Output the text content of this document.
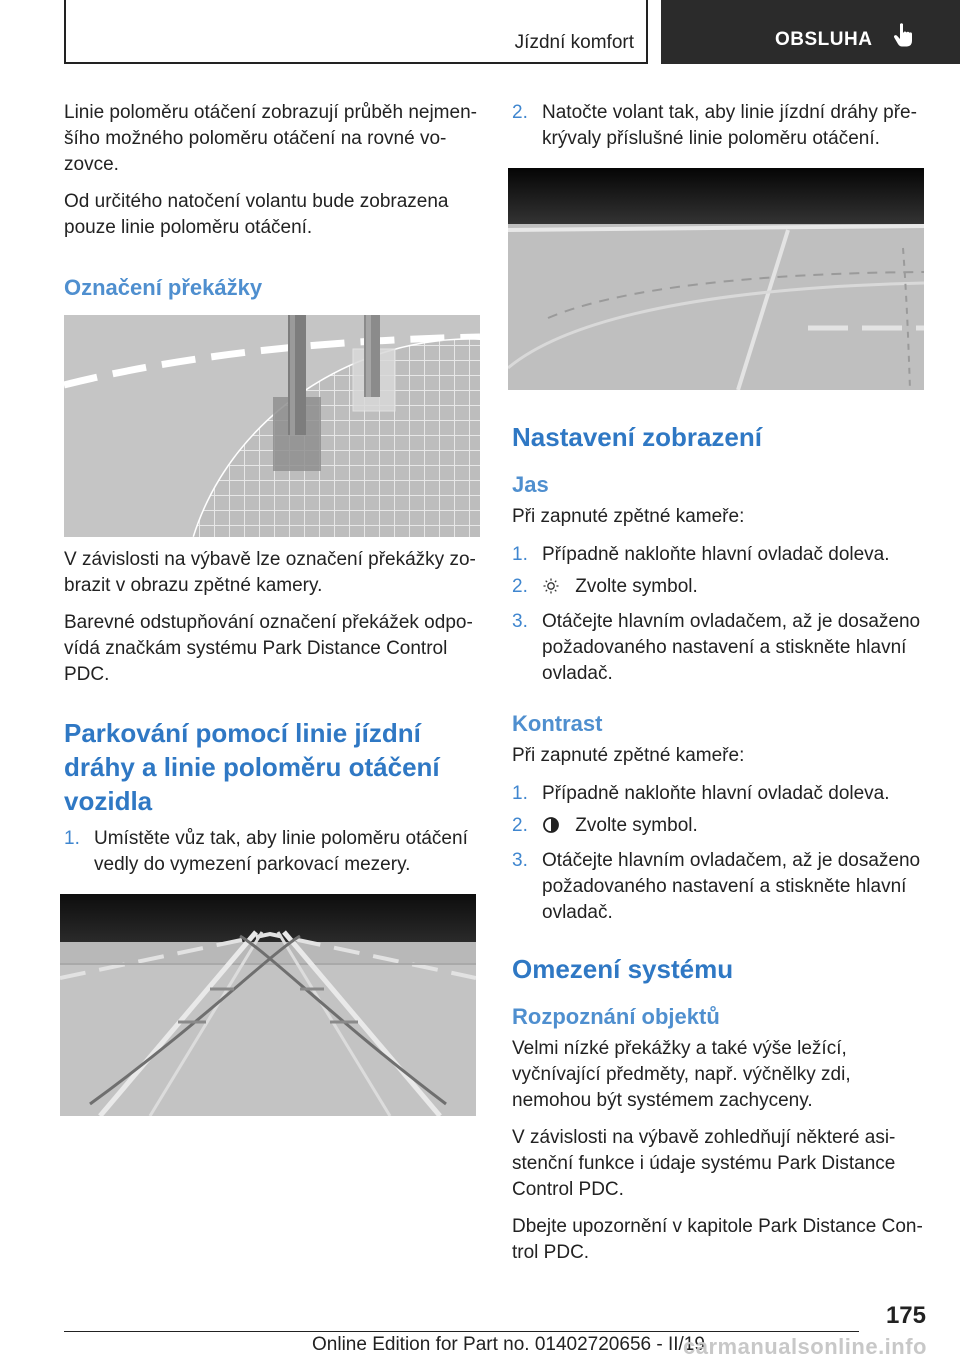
Jízdní komfort	OBSLUHA

Linie poloměru otáčení zobrazují průběh nejmenšího možného poloměru otáčení na rovné vozovce.

Od určitého natočení volantu bude zobrazena pouze linie poloměru otáčení.

Označení překážky

V závislosti na výbavě lze označení překážky zobrazit v obrazu zpětné kamery.

Barevné odstupňování označení překážek odpovídá značkám systému Park Distance Control PDC.

Parkování pomocí linie jízdní dráhy a linie poloměru otáčení vozidla
1. Umístěte vůz tak, aby linie poloměru otáčení vedly do vymezení parkovací mezery.
2. Natočte volant tak, aby linie jízdní dráhy překrývaly příslušné linie poloměru otáčení.
Nastavení zobrazení
Jas

Při zapnuté zpětné kameře:

1. Případně nakloňte hlavní ovladač doleva.
2. Zvolte symbol.
3. Otáčejte hlavním ovladačem, až je dosaženo požadovaného nastavení a stiskněte hlavní ovladač.
Kontrast

Při zapnuté zpětné kameře:

1. Případně nakloňte hlavní ovladač doleva.
2. Zvolte symbol.
3. Otáčejte hlavním ovladačem, až je dosaženo požadovaného nastavení a stiskněte hlavní ovladač.
Omezení systému
Rozpoznání objektů

Velmi nízké překážky a také výše ležící, vyčnívající předměty, např. výčnělky zdi, nemohou být systémem zachyceny.

V závislosti na výbavě zohledňují některé asistenční funkce i údaje systému Park Distance Control PDC.

Dbejte upozornění v kapitole Park Distance Control PDC.

175
Online Edition for Part no. 01402720656 - II/19
carmanualsonline.info
